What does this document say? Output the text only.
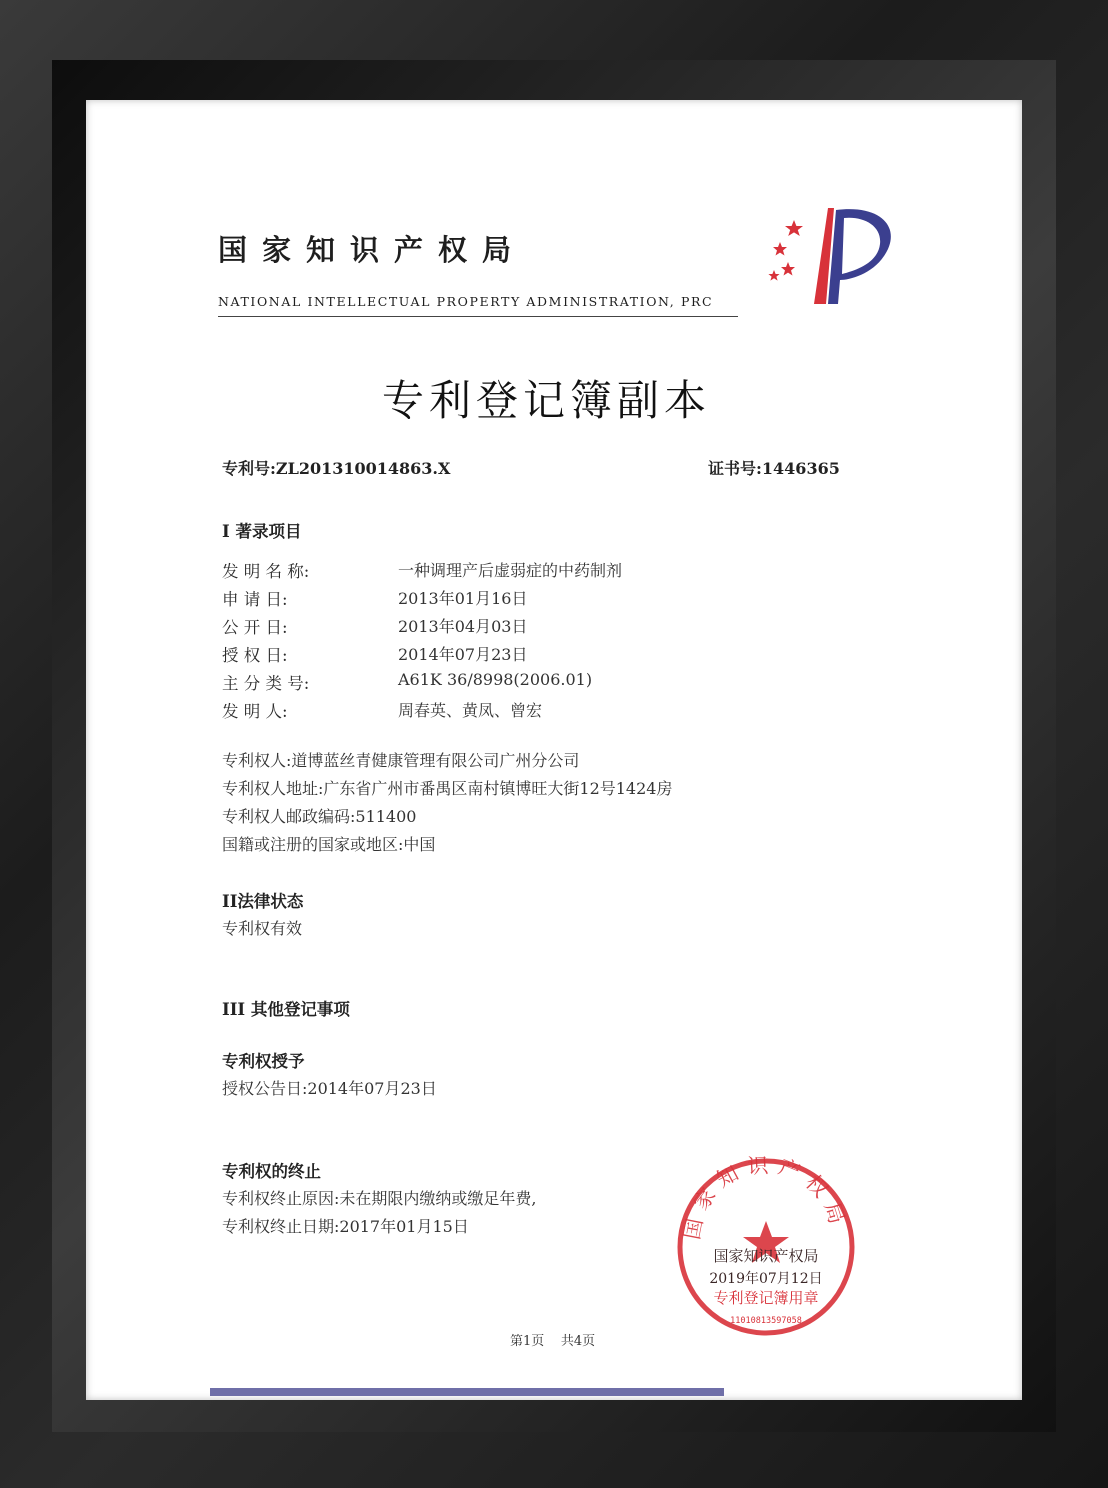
国家知识产权局
NATIONAL INTELLECTUAL PROPERTY ADMINISTRATION, PRC
专利登记簿副本
专利号:ZL201310014863.X	证书号:1446365
I 著录项目
发 明 名 称:	一种调理产后虚弱症的中药制剂
申 请 日:	2013年01月16日
公 开 日:	2013年04月03日
授 权 日:	2014年07月23日
主 分 类 号:	A61K 36/8998(2006.01)
发 明 人:	周春英、黄凤、曾宏
专利权人:道博蓝丝青健康管理有限公司广州分公司
专利权人地址:广东省广州市番禺区南村镇博旺大街12号1424房
专利权人邮政编码:511400
国籍或注册的国家或地区:中国
II法律状态
专利权有效
III 其他登记事项
专利权授予
授权公告日:2014年07月23日
专利权的终止
专利权终止原因:未在期限内缴纳或缴足年费,
专利权终止日期:2017年01月15日	国家知识产权局
专利登记簿用章
11010813597058
国家知识产权局
2019年07月12日
第1页 共4页
